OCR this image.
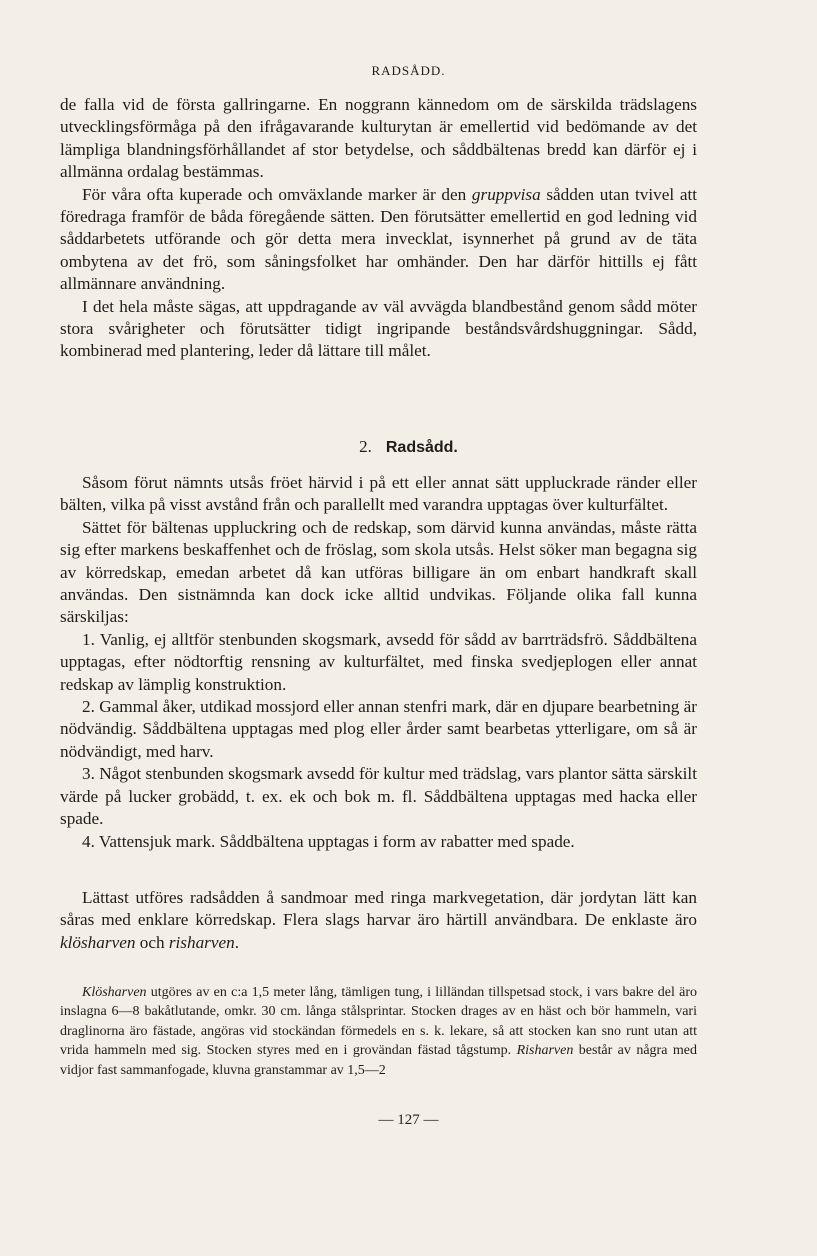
RADSÅDD.

de falla vid de första gallringarne. En noggrann kännedom om de särskilda trädslagens utvecklingsförmåga på den ifrågavarande kulturytan är emellertid vid bedömande av det lämpliga blandningsförhållandet af stor betydelse, och såddbältenas bredd kan därför ej i allmänna ordalag bestämmas.

För våra ofta kuperade och omväxlande marker är den gruppvisa sådden utan tvivel att föredraga framför de båda föregående sätten. Den förutsätter emellertid en god ledning vid såddarbetets utförande och gör detta mera invecklat, isynnerhet på grund av de täta ombytena av det frö, som såningsfolket har omhänder. Den har därför hittills ej fått allmännare användning.

I det hela måste sägas, att uppdragande av väl avvägda blandbestånd genom sådd möter stora svårigheter och förutsätter tidigt ingripande beståndsvårdshuggningar. Sådd, kombinerad med plantering, leder då lättare till målet.

2. Radsådd.

Såsom förut nämnts utsås fröet härvid i på ett eller annat sätt uppluckrade ränder eller bälten, vilka på visst avstånd från och parallellt med varandra upptagas över kulturfältet.

Sättet för bältenas uppluckring och de redskap, som därvid kunna användas, måste rätta sig efter markens beskaffenhet och de fröslag, som skola utsås. Helst söker man begagna sig av körredskap, emedan arbetet då kan utföras billigare än om enbart handkraft skall användas. Den sistnämnda kan dock icke alltid undvikas. Följande olika fall kunna särskiljas:

1. Vanlig, ej alltför stenbunden skogsmark, avsedd för sådd av barrträdsfrö. Såddbältena upptagas, efter nödtorftig rensning av kulturfältet, med finska svedjeplogen eller annat redskap av lämplig konstruktion.

2. Gammal åker, utdikad mossjord eller annan stenfri mark, där en djupare bearbetning är nödvändig. Såddbältena upptagas med plog eller årder samt bearbetas ytterligare, om så är nödvändigt, med harv.

3. Något stenbunden skogsmark avsedd för kultur med trädslag, vars plantor sätta särskilt värde på lucker grobädd, t. ex. ek och bok m. fl. Såddbältena upptagas med hacka eller spade.

4. Vattensjuk mark. Såddbältena upptagas i form av rabatter med spade.

Lättast utföres radsådden å sandmoar med ringa markvegetation, där jordytan lätt kan såras med enklare körredskap. Flera slags harvar äro härtill användbara. De enklaste äro klösharven och risharven.

Klösharven utgöres av en c:a 1,5 meter lång, tämligen tung, i lilländan tillspetsad stock, i vars bakre del äro inslagna 6—8 bakåtlutande, omkr. 30 cm. långa stålsprintar. Stocken drages av en häst och bör hammeln, vari draglinorna äro fästade, angöras vid stockändan förmedels en s. k. lekare, så att stocken kan sno runt utan att vrida hammeln med sig. Stocken styres med en i grovändan fästad tågstump. Risharven består av några med vidjor fast sammanfogade, kluvna granstammar av 1,5—2

— 127 —
